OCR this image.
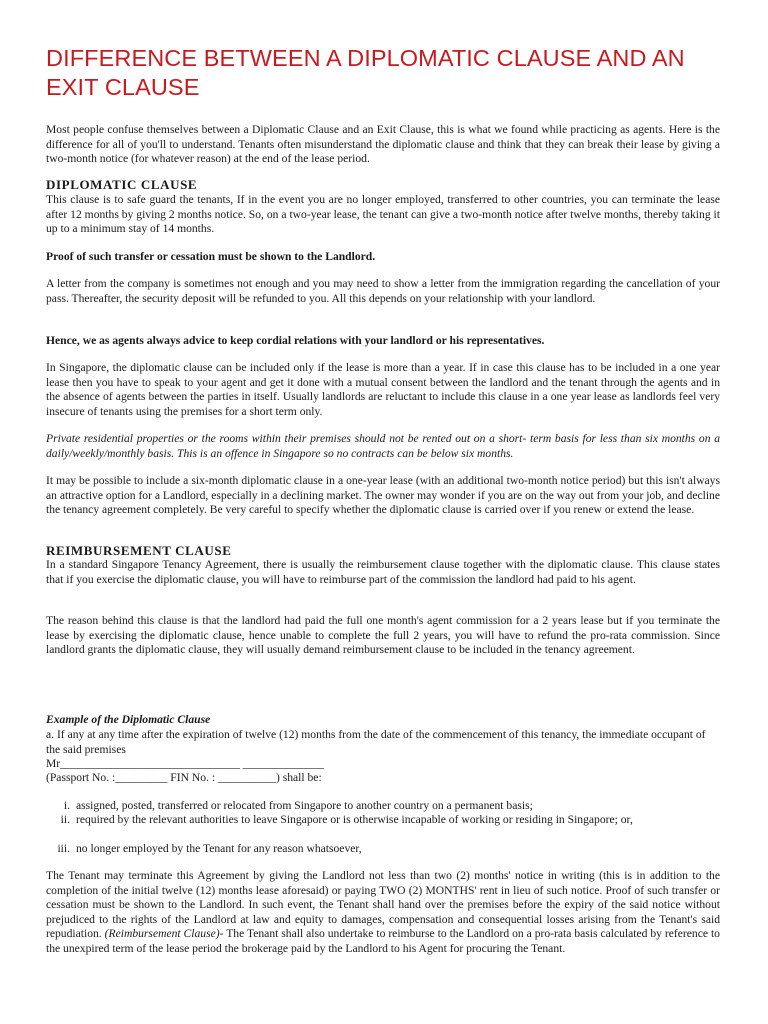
DIFFERENCE BETWEEN A DIPLOMATIC CLAUSE AND AN EXIT CLAUSE
Most people confuse themselves between a Diplomatic Clause and an Exit Clause, this is what we found while practicing as agents. Here is the difference for all of you'll to understand. Tenants often misunderstand the diplomatic clause and think that they can break their lease by giving a two-month notice (for whatever reason) at the end of the lease period.
DIPLOMATIC CLAUSE
This clause is to safe guard the tenants, If in the event you are no longer employed, transferred to other countries, you can terminate the lease after 12 months by giving 2 months notice. So, on a two-year lease, the tenant can give a two-month notice after twelve months, thereby taking it up to a minimum stay of 14 months.
Proof of such transfer or cessation must be shown to the Landlord.
A letter from the company is sometimes not enough and you may need to show a letter from the immigration regarding the cancellation of your pass. Thereafter, the security deposit will be refunded to you. All this depends on your relationship with your landlord.
Hence, we as agents always advice to keep cordial relations with your landlord or his representatives.
In Singapore, the diplomatic clause can be included only if the lease is more than a year. If in case this clause has to be included in a one year lease then you have to speak to your agent and get it done with a mutual consent between the landlord and the tenant through the agents and in the absence of agents between the parties in itself. Usually landlords are reluctant to include this clause in a one year lease as landlords feel very insecure of tenants using the premises for a short term only.
Private residential properties or the rooms within their premises should not be rented out on a short- term basis for less than six months on a daily/weekly/monthly basis. This is an offence in Singapore so no contracts can be below six months.
It may be possible to include a six-month diplomatic clause in a one-year lease (with an additional two-month notice period) but this isn't always an attractive option for a Landlord, especially in a declining market. The owner may wonder if you are on the way out from your job, and decline the tenancy agreement completely. Be very careful to specify whether the diplomatic clause is carried over if you renew or extend the lease.
REIMBURSEMENT CLAUSE
In a standard Singapore Tenancy Agreement, there is usually the reimbursement clause together with the diplomatic clause. This clause states that if you exercise the diplomatic clause, you will have to reimburse part of the commission the landlord had paid to his agent.
The reason behind this clause is that the landlord had paid the full one month's agent commission for a 2 years lease but if you terminate the lease by exercising the diplomatic clause, hence unable to complete the full 2 years, you will have to refund the pro-rata commission. Since landlord grants the diplomatic clause, they will usually demand reimbursement clause to be included in the tenancy agreement.
Example of the Diplomatic Clause
a. If any at any time after the expiration of twelve (12) months from the date of the commencement of this tenancy, the immediate occupant of the said premises
Mr_______________________________ ______________
(Passport No. :_________ FIN No. : __________) shall be:
i. assigned, posted, transferred or relocated from Singapore to another country on a permanent basis;
ii. required by the relevant authorities to leave Singapore or is otherwise incapable of working or residing in Singapore; or,
iii. no longer employed by the Tenant for any reason whatsoever,
The Tenant may terminate this Agreement by giving the Landlord not less than two (2) months' notice in writing (this is in addition to the completion of the initial twelve (12) months lease aforesaid) or paying TWO (2) MONTHS' rent in lieu of such notice. Proof of such transfer or cessation must be shown to the Landlord. In such event, the Tenant shall hand over the premises before the expiry of the said notice without prejudiced to the rights of the Landlord at law and equity to damages, compensation and consequential losses arising from the Tenant's said repudiation. (Reimbursement Clause)- The Tenant shall also undertake to reimburse to the Landlord on a pro-rata basis calculated by reference to the unexpired term of the lease period the brokerage paid by the Landlord to his Agent for procuring the Tenant.
